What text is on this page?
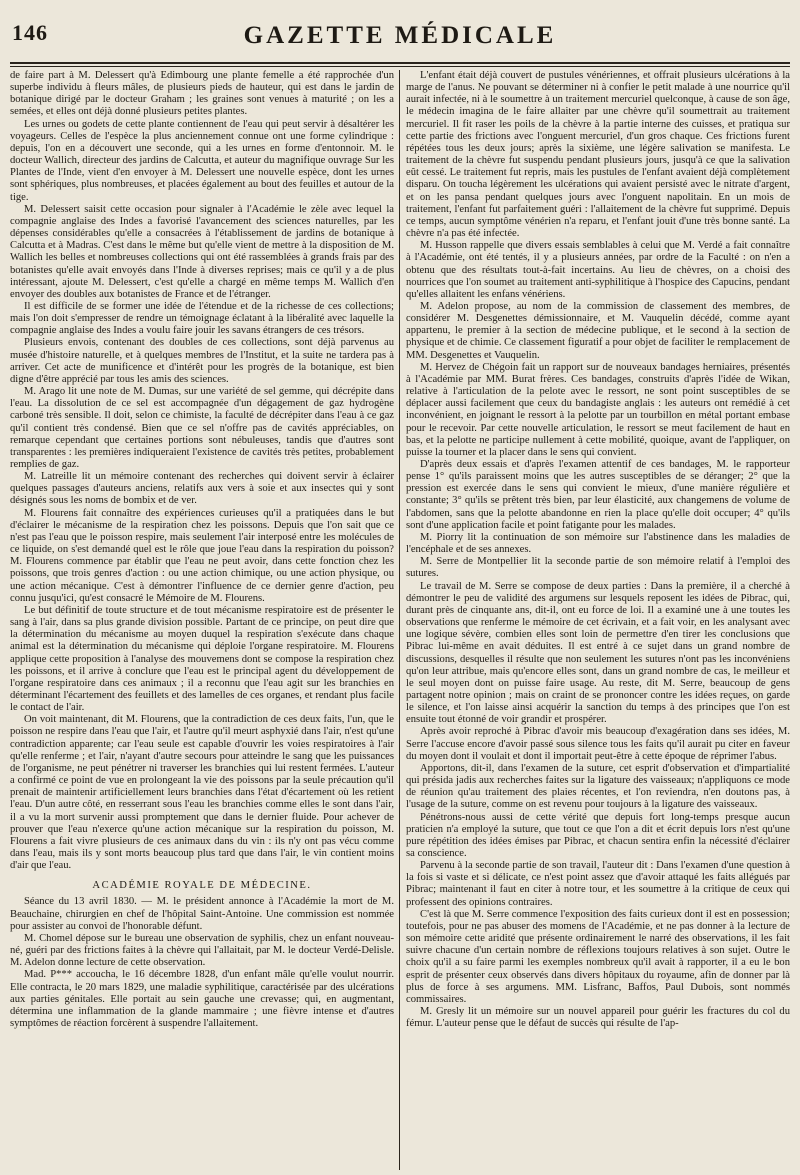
146	GAZETTE MÉDICALE

de faire part à M. Delessert qu'à Edimbourg une plante femelle a été rapprochée d'un superbe individu à fleurs mâles, de plusieurs pieds de hauteur, qui est dans le jardin de botanique dirigé par le docteur Graham ; les graines sont venues à maturité ; on les a semées, et elles ont déjà donné plusieurs petites plantes.

Les urnes ou godets de cette plante contiennent de l'eau qui peut servir à désaltérer les voyageurs. Celles de l'espèce la plus anciennement connue ont une forme cylindrique : depuis, l'on en a découvert une seconde, qui a les urnes en forme d'entonnoir. M. le docteur Wallich, directeur des jardins de Calcutta, et auteur du magnifique ouvrage Sur les Plantes de l'Inde, vient d'en envoyer à M. Delessert une nouvelle espèce, dont les urnes sont sphériques, plus nombreuses, et placées également au bout des feuilles et autour de la tige.

M. Delessert saisit cette occasion pour signaler à l'Académie le zèle avec lequel la compagnie anglaise des Indes a favorisé l'avancement des sciences naturelles, par les dépenses considérables qu'elle a consacrées à l'établissement de jardins de botanique à Calcutta et à Madras. C'est dans le même but qu'elle vient de mettre à la disposition de M. Wallich les belles et nombreuses collections qui ont été rassemblées à grands frais par des botanistes qu'elle avait envoyés dans l'Inde à diverses reprises; mais ce qu'il y a de plus intéressant, ajoute M. Delessert, c'est qu'elle a chargé en même temps M. Wallich d'en envoyer des doubles aux botanistes de France et de l'étranger.

Il est difficile de se former une idée de l'étendue et de la richesse de ces collections; mais l'on doit s'empresser de rendre un témoignage éclatant à la libéralité avec laquelle la compagnie anglaise des Indes a voulu faire jouir les savans étrangers de ces trésors.

Plusieurs envois, contenant des doubles de ces collections, sont déjà parvenus au musée d'histoire naturelle, et à quelques membres de l'Institut, et la suite ne tardera pas à arriver. Cet acte de munificence et d'intérêt pour les progrès de la botanique, est bien digne d'être apprécié par tous les amis des sciences.

M. Arago lit une note de M. Dumas, sur une variété de sel gemme, qui décrépite dans l'eau. La dissolution de ce sel est accompagnée d'un dégagement de gaz hydrogène carboné très sensible. Il doit, selon ce chimiste, la faculté de décrépiter dans l'eau à ce gaz qu'il contient très condensé. Bien que ce sel n'offre pas de cavités appréciables, on remarque cependant que certaines portions sont nébuleuses, tandis que d'autres sont transparentes : les premières indiqueraient l'existence de cavités très petites, probablement remplies de gaz.

M. Latreille lit un mémoire contenant des recherches qui doivent servir à éclairer quelques passages d'auteurs anciens, relatifs aux vers à soie et aux insectes qui y sont désignés sous les noms de bombix et de ver.

M. Flourens fait connaître des expériences curieuses qu'il a pratiquées dans le but d'éclairer le mécanisme de la respiration chez les poissons. Depuis que l'on sait que ce n'est pas l'eau que le poisson respire, mais seulement l'air interposé entre les molécules de ce liquide, on s'est demandé quel est le rôle que joue l'eau dans la respiration du poisson? M. Flourens commence par établir que l'eau ne peut avoir, dans cette fonction chez les poissons, que trois genres d'action : ou une action chimique, ou une action physique, ou une action mécanique. C'est à démontrer l'influence de ce dernier genre d'action, peu connu jusqu'ici, qu'est consacré le Mémoire de M. Flourens.

Le but définitif de toute structure et de tout mécanisme respiratoire est de présenter le sang à l'air, dans sa plus grande division possible. Partant de ce principe, on peut dire que la détermination du mécanisme au moyen duquel la respiration s'exécute dans chaque animal est la détermination du mécanisme qui déploie l'organe respiratoire. M. Flourens applique cette proposition à l'analyse des mouvemens dont se compose la respiration chez les poissons, et il arrive à conclure que l'eau est le principal agent du développement de l'organe respiratoire dans ces animaux ; il a reconnu que l'eau agit sur les branchies en déterminant l'écartement des feuillets et des lamelles de ces organes, et rendant plus facile le contact de l'air.

On voit maintenant, dit M. Flourens, que la contradiction de ces deux faits, l'un, que le poisson ne respire dans l'eau que l'air, et l'autre qu'il meurt asphyxié dans l'air, n'est qu'une contradiction apparente; car l'eau seule est capable d'ouvrir les voies respiratoires à l'air qu'elle renferme ; et l'air, n'ayant d'autre secours pour atteindre le sang que les puissances de l'organisme, ne peut pénétrer ni traverser les branchies qui lui restent fermées. L'auteur a confirmé ce point de vue en prolongeant la vie des poissons par la seule précaution qu'il prenait de maintenir artificiellement leurs branchies dans l'état d'écartement où les retient l'eau. D'un autre côté, en resserrant sous l'eau les branchies comme elles le sont dans l'air, il a vu la mort survenir aussi promptement que dans le dernier fluide. Pour achever de prouver que l'eau n'exerce qu'une action mécanique sur la respiration du poisson, M. Flourens a fait vivre plusieurs de ces animaux dans du vin : ils n'y ont pas vécu comme dans l'eau, mais ils y sont morts beaucoup plus tard que dans l'air, le vin contient moins d'air que l'eau.

ACADÉMIE ROYALE DE MÉDECINE.

Séance du 13 avril 1830. — M. le président annonce à l'Académie la mort de M. Beauchaine, chirurgien en chef de l'hôpital Saint-Antoine. Une commission est nommée pour assister au convoi de l'honorable défunt.

M. Chomel dépose sur le bureau une observation de syphilis, chez un enfant nouveau-né, guéri par des frictions faites à la chèvre qui l'allaitait, par M. le docteur Verdé-Delisle. M. Adelon donne lecture de cette observation.

Mad. P*** accoucha, le 16 décembre 1828, d'un enfant mâle qu'elle voulut nourrir. Elle contracta, le 20 mars 1829, une maladie syphilitique, caractérisée par des ulcérations aux parties génitales. Elle portait au sein gauche une crevasse; qui, en augmentant, détermina une inflammation de la glande mammaire ; une fièvre intense et d'autres symptômes de réaction forcèrent à suspendre l'allaitement.

L'enfant était déjà couvert de pustules vénériennes, et offrait plusieurs ulcérations à la marge de l'anus. Ne pouvant se déterminer ni à confier le petit malade à une nourrice qu'il aurait infectée, ni à le soumettre à un traitement mercuriel quelconque, à cause de son âge, le médecin imagina de le faire allaiter par une chèvre qu'il soumettrait au traitement mercuriel. Il fit raser les poils de la chèvre à la partie interne des cuisses, et pratiqua sur cette partie des frictions avec l'onguent mercuriel, d'un gros chaque. Ces frictions furent répétées tous les deux jours; après la sixième, une légère salivation se manifesta. Le traitement de la chèvre fut suspendu pendant plusieurs jours, jusqu'à ce que la salivation eût cessé. Le traitement fut repris, mais les pustules de l'enfant avaient déjà complètement disparu. On toucha légèrement les ulcérations qui avaient persisté avec le nitrate d'argent, et on les pansa pendant quelques jours avec l'onguent napolitain. En un mois de traitement, l'enfant fut parfaitement guéri : l'allaitement de la chèvre fut supprimé. Depuis ce temps, aucun symptôme vénérien n'a reparu, et l'enfant jouit d'une très bonne santé. La chèvre n'a pas été infectée.

M. Husson rappelle que divers essais semblables à celui que M. Verdé a fait connaître à l'Académie, ont été tentés, il y a plusieurs années, par ordre de la Faculté : on n'en a obtenu que des résultats tout-à-fait incertains. Au lieu de chèvres, on a choisi des nourrices que l'on soumet au traitement anti-syphilitique à l'hospice des Capucins, pendant qu'elles allaitent les enfans vénériens.

M. Adelon propose, au nom de la commission de classement des membres, de considérer M. Desgenettes démissionnaire, et M. Vauquelin décédé, comme ayant appartenu, le premier à la section de médecine publique, et le second à la section de physique et de chimie. Ce classement figuratif a pour objet de faciliter le remplacement de MM. Desgenettes et Vauquelin.

M. Hervez de Chégoin fait un rapport sur de nouveaux bandages herniaires, présentés à l'Académie par MM. Burat frères. Ces bandages, construits d'après l'idée de Wikan, relative à l'articulation de la pelote avec le ressort, ne sont point susceptibles de se déplacer aussi facilement que ceux du bandagiste anglais : les auteurs ont remédié à cet inconvénient, en joignant le ressort à la pelotte par un tourbillon en métal portant embase pour le recevoir. Par cette nouvelle articulation, le ressort se meut facilement de haut en bas, et la pelotte ne participe nullement à cette mobilité, quoique, avant de l'appliquer, on puisse la tourner et la placer dans le sens qui convient.

D'après deux essais et d'après l'examen attentif de ces bandages, M. le rapporteur pense 1° qu'ils paraissent moins que les autres susceptibles de se déranger; 2° que la pression est exercée dans le sens qui convient le mieux, d'une manière régulière et constante; 3° qu'ils se prêtent très bien, par leur élasticité, aux changemens de volume de l'abdomen, sans que la pelotte abandonne en rien la place qu'elle doit occuper; 4° qu'ils sont d'une application facile et point fatigante pour les malades.

M. Piorry lit la continuation de son mémoire sur l'abstinence dans les maladies de l'encéphale et de ses annexes.

M. Serre de Montpellier lit la seconde partie de son mémoire relatif à l'emploi des sutures.

Le travail de M. Serre se compose de deux parties : Dans la première, il a cherché à démontrer le peu de validité des argumens sur lesquels reposent les idées de Pibrac, qui, durant près de cinquante ans, dit-il, ont eu force de loi. Il a examiné une à une toutes les observations que renferme le mémoire de cet écrivain, et a fait voir, en les analysant avec une logique sévère, combien elles sont loin de permettre d'en tirer les conclusions que Pibrac lui-même en avait déduites. Il est entré à ce sujet dans un grand nombre de discussions, desquelles il résulte que non seulement les sutures n'ont pas les inconvéniens qu'on leur attribue, mais qu'encore elles sont, dans un grand nombre de cas, le meilleur et le seul moyen dont on puisse faire usage. Au reste, dit M. Serre, beaucoup de gens partagent notre opinion ; mais on craint de se prononcer contre les idées reçues, on garde le silence, et l'on laisse ainsi acquérir la sanction du temps à des principes que l'on est ensuite tout étonné de voir grandir et prospérer.

Après avoir reproché à Pibrac d'avoir mis beaucoup d'exagération dans ses idées, M. Serre l'accuse encore d'avoir passé sous silence tous les faits qu'il aurait pu citer en faveur du moyen dont il voulait et dont il importait peut-être à cette époque de réprimer l'abus.

Apportons, dit-il, dans l'examen de la suture, cet esprit d'observation et d'impartialité qui présida jadis aux recherches faites sur la ligature des vaisseaux; n'appliquons ce mode de réunion qu'au traitement des plaies récentes, et l'on reviendra, n'en doutons pas, à l'usage de la suture, comme on est revenu pour toujours à la ligature des vaisseaux.

Pénétrons-nous aussi de cette vérité que depuis fort long-temps presque aucun praticien n'a employé la suture, que tout ce que l'on a dit et écrit depuis lors n'est qu'une pure répétition des idées émises par Pibrac, et chacun sentira enfin la nécessité d'éclairer sa conscience.

Parvenu à la seconde partie de son travail, l'auteur dit : Dans l'examen d'une question à la fois si vaste et si délicate, ce n'est point assez que d'avoir attaqué les faits allégués par Pibrac; maintenant il faut en citer à notre tour, et les soumettre à la critique de ceux qui professent des opinions contraires.

C'est là que M. Serre commence l'exposition des faits curieux dont il est en possession; toutefois, pour ne pas abuser des momens de l'Académie, et ne pas donner à la lecture de son mémoire cette aridité que présente ordinairement le narré des observations, il les fait suivre chacune d'un certain nombre de réflexions toujours relatives à son sujet. Outre le choix qu'il a su faire parmi les exemples nombreux qu'il avait à rapporter, il a eu le bon esprit de présenter ceux observés dans divers hôpitaux du royaume, afin de donner par là plus de force à ses argumens. MM. Lisfranc, Baffos, Paul Dubois, sont nommés commissaires.

M. Gresly lit un mémoire sur un nouvel appareil pour guérir les fractures du col du fémur. L'auteur pense que le défaut de succès qui résulte de l'ap-
